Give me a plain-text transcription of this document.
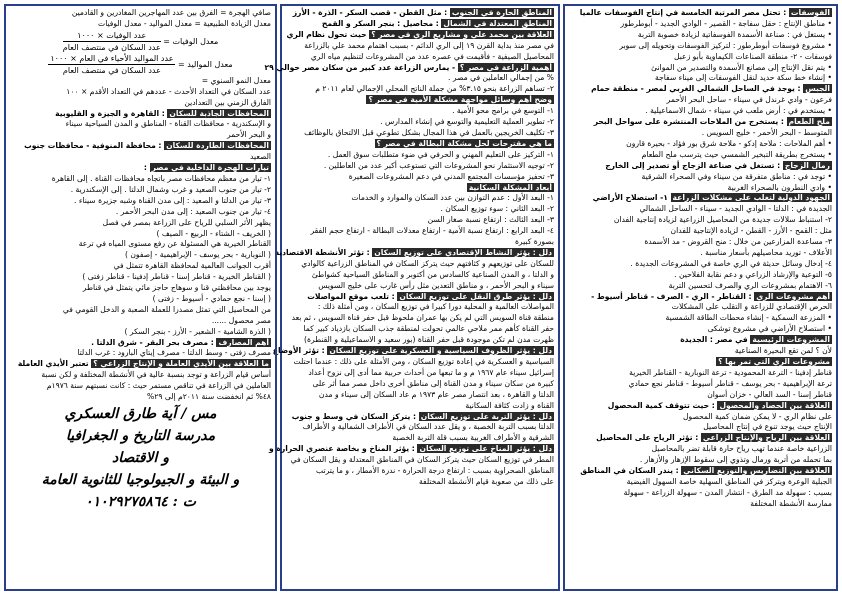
الفوسفات : تحتل مصر المرتبة الخامسة في إنتاج الفوسفات عالميا
• مناطق الإنتاج : حقل سفاجة - القصير - الوادي الجديد - أبوطرطور
• يستغل في : صناعة الأسمدة الفوسفاتية لزيادة خصوبة التربة
• مشروع فوسفات أبوطرطور : لتركيز الفوسفات وتحويله إلى سوبر
فوسفات - ٢- منطقة الصناعات الكيماوية بأبو زعبل
• يتم نقل الإنتاج إلى مصانع الأسمدة والتصدير من الموانئ
• إنشاء خط سكة حديد لنقل الفوسفات إلى ميناء سفاجة
الجبس : يوجد في الساحل الشمالي الغربي لمصر - منطقة حمام
فرعون - وادي غرندل في سيناء - ساحل البحر الأحمر
• يستخدم في : أرض ملعب في سيناء - شمال الاسماعيلية .
ملح الطعام : يستخرج من الملاحات المنتشرة على سواحل البحر
المتوسط - البحر الأحمر - خليج السويس .
• أهم الملاحات : ملاحة إدكو - ملاحة شرق بور فؤاد - بحيرة قارون
• يستخرج بطريقة التبخير الشمسي حيث يترسب ملح الطعام
رمال الزجاج : تستغل في صناعة الزجاج أو تصدير إلى الخارج
• توجد في : مناطق متفرقة من سيناء وفي الصحراء الشرقية
• وادي النطرون بالصحراء الغربية
الجهود الدولية لتغلب على مشكلات الزراعة ١- استصلاح الأراضي
الجديدة في : الدلتا - الوادي الجديد - سيناء - الساحل الشمالي
٢- استنباط سلالات جديدة من المحاصيل الزراعية لزيادة إنتاجية الفدان
مثل : القمح - الأرز - القطن - لزيادة الإنتاجية للفدان
٣- مساعدة المزارعين من خلال : منح القروض - مد الأسمدة
الأعلاف - توريد محاصيلهم بأسعار مناسبة .
٤- إدخال وسائل حديثة في الري خاصة في المشروعات الجديدة .
٥- التوعية والإرشاد الزراعي و دعم نقابة الفلاحين .
٦- الاهتمام بمشروعات الري والصرف لتحسين التربة
أهم مشروعات الري : القناطر - الري - الصرف - قناطر أسيوط -
الحرص الإقتصادي للزراعة و التقلب على المشكلات
• المزرعة السمكية - إنشاء محطات الطاقة الشمسية
• استصلاح الأراضي في مشروع توشكى
المشروعات الرئيسية في مصر : الجديدة
لأن ؟ لمن تقع البحيرة الصناعية
مشروعات الري التي تمر بها ؟
قناطر إدفينا - الترعة المحمودية - ترعة النوبارية - القناطر الخيرية
ترعة الإبراهيمية - بحر يوسف - قناطر أسيوط - قناطر نجع حمادي
قناطر إسنا - السد العالي - خزان أسوان
العلاقة بين الحصاد والمحصول : حيث تتوقف كمية المحصول
على نظام الري - لا يمكن ضمان كمية المحصول
الإنتاج حيث يوجد تنوع في إنتاج المحاصيل
العلاقة بين الرياح والإنتاج الزراعي : تؤثر الرياح على المحاصيل
الزراعية خاصة عندما تهب رياح حارة قابلة تضر بالمحاصيل
بما تحمله من أتربة ورمال وتذوي إلى سقوط الإزهار والأزهار .
العلاقة بين التضاريس والتوزيع السكاني : يندر السكان في المناطق
الجبلية الوعرة ويتركز في المناطق السهلية خاصة السهول الفيضية
بسبب : سهولة مد الطرق - انتشار المدن - سهولة الزراعة - سهولة
ممارسة الأنشطة المختلفة
المناطق الحارة في الجنوب : مثل القطن - قصب السكر - الذرة - الأرز
المناطق المعتدلة في الشمال : محاصيل : بنجر السكر و القمح
العلاقة بين محمد علي و مشاريع الري في مصر ؟ حيث تحول نظام الري
في مصر منذ بداية القرن ١٩ إلى الري الدائم - بسبب اهتمام محمد علي بالزراعة
المحاصيل الصيفية - فأقيمت في عصره عدد من المشروعات لتنظيم مياه الري
أهمية الزراعة في مصر ؟ - يمارس الزراعة عدد كبير من سكان مصر حوالي ٢٩
% من إجمالي العاملين في مصر .
٢- تساهم الزراعة بنحو ٣.١٥% من جملة الناتج المحلي الإجمالي لعام ٢٠١١ م
وضح أهم وسائل مواجهة مشكلة الأمية في مصر ؟
١- التوسع في برامج محو الأمية .
٢- تطوير العملية التعليمية والتوسع في إنشاء المدارس .
٣- تكليف الخريجين بالعمل في هذا المجال بشكل تطوعي قبل الالتحاق بالوظائف
ما هي مقترحات لحل مشكلة البطالة في مصر ؟
١- التركيز على التعليم المهني و الحرفي في ضوء متطلبات سوق العمل .
٢- توجيه الاستثمار نحو المشروعات التي تستوعب أكبر عدد من العاطلين .
٣- تحفيز مؤسسات المجتمع المدني في دعم المشروعات الصغيرة
أبعاد المشكلة السكانية
١- البعد الأول : عدم التوازن بين عدد السكان والموارد و الخدمات
٢- البعد الثاني : سوء توزيع السكان .
٣- البعد الثالث : ارتفاع نسبة صغار السن
٤- البعد الرابع : ارتفاع نسبة الأمية - ارتفاع معدلات البطالة - ارتفاع حجم الفقر
بصورة كبيرة
دلل : يؤثر النشاط الإقتصادي على توزيع السكان : تؤثر الأنشطة الاقتصادية
للسكان على توزيعهم و كثافتهم حيث يتركز السكان في المناطق الزراعية كالوادي
و الدلتا ، و المدن الصناعية كالسادس من أكتوبر و المناطق السياحية كشواطئ
سيناء و البحر الأحمر ، و مناطق التعدين مثل رأس غارب على خليج السويس
دلل : يؤثر طرق النقل على توزيع السكان : تلعب موقع المواصلات
المواصلات العالمية و المحلية دورا كبيرا في توزيع السكان ، ومن أمثلة ذلك :
منطقة قناة السويس التي لم يكن بها عمران ملحوظ قبل حفر قناة السويس ، ثم بعد
حفر القناة كأهم ممر ملاحي عالمي تحولت لمنطقة جذب السكان بازدياد كبير كما
ظهرت مدن لم تكن موجودة قبل حفر القناة (بور سعيد و الاسماعيلية و القنطرة)
دلل : يؤثر الظروف السياسية و العسكرية على توزيع السكان : تؤثر الأوضاع
السياسية و العسكرية في إعادة توزيع السكان ، ومن الأمثلة على ذلك : عندما احتلت
إسرائيل سيناء عام ١٩٦٧ م و ما تبعها من أحداث حربية مما أدى إلى نزوح أعداد
كبيرة من سكان سيناء و مدن القناة إلى مناطق أخرى داخل مصر مما أثر على
الدلتا و القاهرة ، بعد انتصار مصر عام ١٩٧٣ م عاد السكان إلى سيناء و مدن
القناة و زادت كثافة السكانية
دلل : يؤثر التربة على توزيع السكان : يتركز السكان في وسط و جنوب
الدلتا بسبب التربة الخصبة ، و يقل عدد السكان في الأطراف الشمالية و الأطراف
الشرقية و الأطراف الغربية بسبب قلة التربة الخصبة
دلل : يؤثر المناخ على توزيع السكان : يؤثر المناخ و بخاصة عنصري الحرارة و
المطر في توزيع السكان حيث يتركز السكان في المناطق المعتدلة و يقل السكان في
المناطق الصحراوية بسبب : ارتفاع درجة الحرارة - ندرة الأمطار ، و ما يترتب
على ذلك من صعوبة قيام الأنشطة المختلفة
صافي الهجرة = الفرق بين عدد المهاجرين المغادرين و القادمين
معدل الزيادة الطبيعية = معدل المواليد - معدل الوفيات
معدل الوفيات =
$\frac{\text{عدد الوفيات × ١٠٠٠}}{\text{عدد السكان في منتصف العام}}$
معدل المواليد =
$\frac{\text{عدد المواليد الأحياء في العام × ١٠٠٠}}{\text{عدد السكان في منتصف العام}}$
معدل النمو السنوي =
عدد السكان في التعداد الأحدث - عددهم في التعداد الأقدم × ١٠٠
الفارق الزمني بين التعدادين
المحافظات الجاذبة للسكان : القاهرة و الجيزة و القليوبية
و الإسكندرية - محافظات القناة - المناطق و المدن السياحية سيناء
و البحر الأحمر
المحافظات الطاردة للسكان : محافظة المنوفية - محافظات جنوب
الصعيد
تيارات الهجرة الداخلية في مصر :
١- تيار من معظم محافظات مصر باتجاه محافظات القناة . إلى القاهرة
٢- تيار من جنوب الصعيد و غرب وشمال الدلتا . إلى الإسكندرية .
٣- تيار من الدلتا و الصعيد : إلى مدن القناة وشبه جزيرة سيناء .
٤- تيار من جنوب الصعيد : إلى مدن البحر الأحمر .
يظهر الأثر السلبي للرياح على الزراعة بمصر في فصل
( الخريف - الشتاء - الربيع - الصيف )
القناطر الخيرية هي المسئولة عن رفع مستوى المياه في ترعة
( النوبارية - بحر يوسف - الإبراهيمية - إصفون )
أقرب الجوانب العالمية لمحافظة القاهرة تتمثل في
( القناطر الخيرية - قناطر إسنا - قناطر إدفينا - قناطر زفتى )
يوجد بين محافظتي قنا و سوهاج حاجز مائي يتمثل في قناطر
( إسنا - نجع حمادي - أسيوط - زفتى )
من المحاصيل التي تمثل مصدرا للعملة الصعبة و الدخل القومي في
مصر محصول ......
( الذرة الشامية - الشعير - الأرز - بنجر السكر )
أهم المصارف : مصرف بحر البقر - شرق الدلتا .
مصرف زفتى - وسط الدلتا - مصرف إيتاي البارود : غرب الدلتا
ما العلاقة بين الأيدي العاملة و الإنتاج الزراعي ؟ تعتبر الأيدي العاملة
أساس قيام الزراعة و توجد بنسبة عالية في الأنشطة المختلفة و لكن نسبة
العاملين في الزراعة في تناقص مستمر حيث : كانت نسبتهم سنة ١٩٧٦م
٤٨% ثم انخفضت سنة ٢٠١١م إلى ٢٩%
مس / آية طارق العسكري
مدرسة التاريخ و الجغرافيا
و الاقتصاد
و البيئة و الجيولوجيا للثانوية العامة
ت : ٠١٠٢٩٢٧٥٨٦٤
